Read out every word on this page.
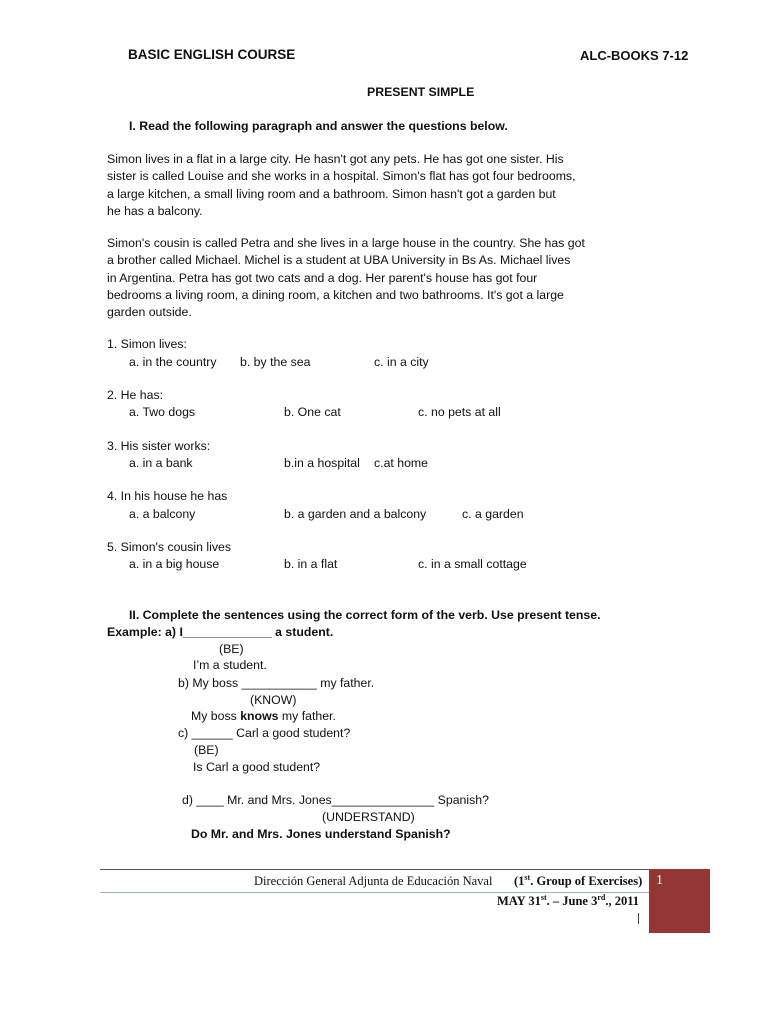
BASIC ENGLISH COURSE	ALC-BOOKS 7-12
PRESENT SIMPLE
I. Read the following paragraph and answer the questions below.
Simon lives in a flat in a large city. He hasn't got any pets. He has got one sister. His
sister is called Louise and she works in a hospital. Simon's flat has got four bedrooms,
a large kitchen, a small living room and a bathroom. Simon hasn't got a garden but
he has a balcony.
Simon's cousin is called Petra and she lives in a large house in the country. She has got
a brother called Michael. Michel is a student at UBA University in Bs As. Michael lives
in Argentina. Petra has got two cats and a dog. Her parent's house has got four
bedrooms a living room, a dining room, a kitchen and two bathrooms. It's got a large
garden outside.
1. Simon lives:
a. in the country b. by the sea	c. in a city
2. He has:
a. Two dogs	b. One cat	c. no pets at all
3. His sister works:
a. in a bank	b.in a hospital c.at home
4. In his house he has
a. a balcony	b. a garden and a balcony	c. a garden
5. Simon's cousin lives
a. in a big house	b. in a flat	c. in a small cottage
II. Complete the sentences using the correct form of the verb. Use present tense.
Example: a) I_____________ a student.
(BE)
I’m a student.
b) My boss ___________ my father.
(KNOW)
My boss knows my father.
c) ______ Carl a good student?
(BE)
Is Carl a good student?
d) ____ Mr. and Mrs. Jones_______________ Spanish?
(UNDERSTAND)
Do Mr. and Mrs. Jones understand Spanish?
Dirección General Adjunta de Educación Naval (1st. Group of Exercises)
MAY 31st. – June 3rd., 2011
1
